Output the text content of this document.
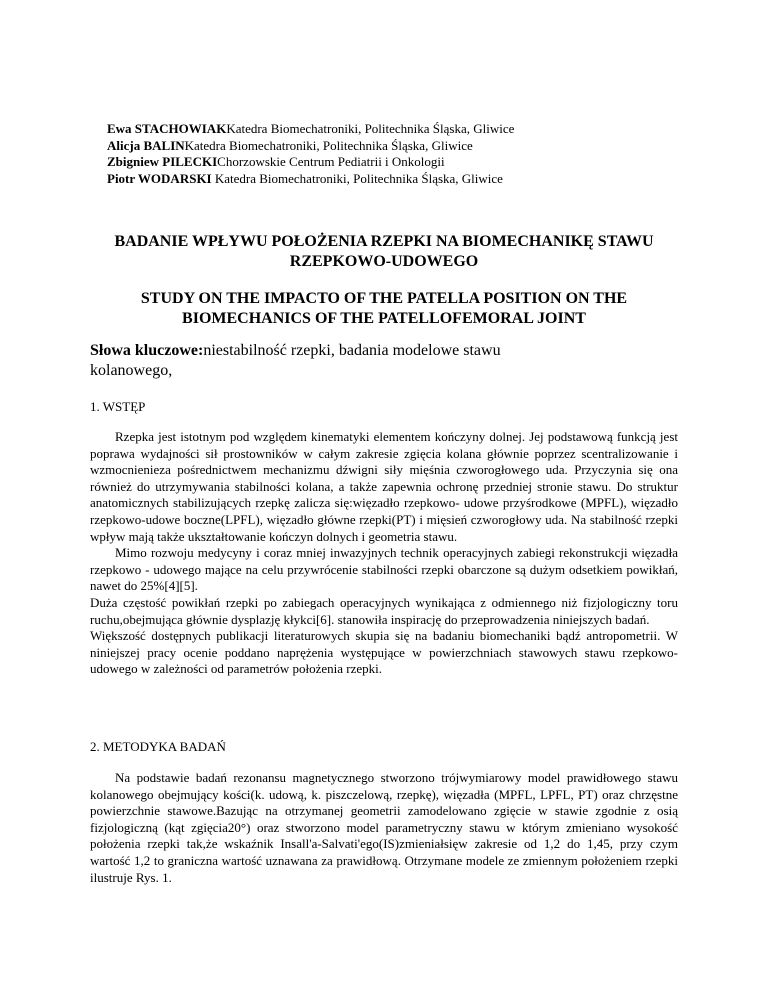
Ewa STACHOWIAKKatedra Biomechatroniki, Politechnika Śląska, Gliwice
Alicja BALINKatedra Biomechatroniki, Politechnika Śląska, Gliwice
Zbigniew PILECKIChorzowskie Centrum Pediatrii i Onkologii
Piotr WODARSKI Katedra Biomechatroniki, Politechnika Śląska, Gliwice
BADANIE WPŁYWU POŁOŻENIA RZEPKI NA BIOMECHANIKĘ STAWU RZEPKOWO-UDOWEGO
STUDY ON THE IMPACTO OF THE PATELLA POSITION ON THE BIOMECHANICS OF THE PATELLOFEMORAL JOINT
Słowa kluczowe:niestabilność rzepki, badania modelowe stawu kolanowego,
1. WSTĘP

Rzepka jest istotnym pod względem kinematyki elementem kończyny dolnej. Jej podstawową funkcją jest poprawa wydajności sił prostowników w całym zakresie zgięcia kolana głównie poprzez scentralizowanie i wzmocnienieza pośrednictwem mechanizmu dźwigni siły mięśnia czworogłowego uda. Przyczynia się ona również do utrzymywania stabilności kolana, a także zapewnia ochronę przedniej stronie stawu. Do struktur anatomicznych stabilizujących rzepkę zalicza się:więzadło rzepkowo- udowe przyśrodkowe (MPFL), więzadło rzepkowo-udowe boczne(LPFL), więzadło główne rzepki(PT) i mięsień czworogłowy uda. Na stabilność rzepki wpływ mają także ukształtowanie kończyn dolnych i geometria stawu.

Mimo rozwoju medycyny i coraz mniej inwazyjnych technik operacyjnych zabiegi rekonstrukcji więzadła rzepkowo - udowego mające na celu przywrócenie stabilności rzepki obarczone są dużym odsetkiem powikłań, nawet do 25%[4][5].

Duża częstość powikłań rzepki po zabiegach operacyjnych wynikająca z odmiennego niż fizjologiczny toru ruchu,obejmująca głównie dysplazję kłykci[6]. stanowiła inspirację do przeprowadzenia niniejszych badań.

Większość dostępnych publikacji literaturowych skupia się na badaniu biomechaniki bądź antropometrii. W niniejszej pracy ocenie poddano naprężenia występujące w powierzchniach stawowych stawu rzepkowo-udowego w zależności od parametrów położenia rzepki.

2. METODYKA BADAŃ

Na podstawie badań rezonansu magnetycznego stworzono trójwymiarowy model prawidłowego stawu kolanowego obejmujący kości(k. udową, k. piszczelową, rzepkę), więzadła (MPFL, LPFL, PT) oraz chrzęstne powierzchnie stawowe.Bazując na otrzymanej geometrii zamodelowano zgięcie w stawie zgodnie z osią fizjologiczną (kąt zgięcia20°) oraz stworzono model parametryczny stawu w którym zmieniano wysokość położenia rzepki tak,że wskaźnik Insall'a-Salvati'ego(IS)zmieniałsięw zakresie od 1,2 do 1,45, przy czym wartość 1,2 to graniczna wartość uznawana za prawidłową. Otrzymane modele ze zmiennym położeniem rzepki ilustruje Rys. 1.
